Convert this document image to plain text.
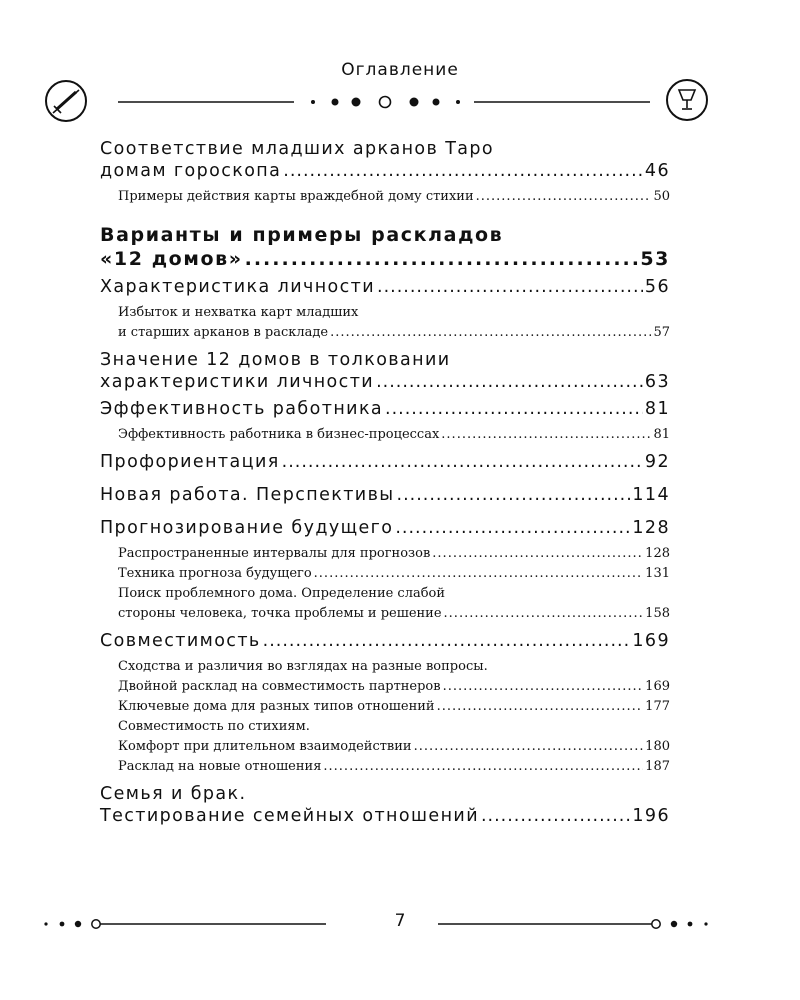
Оглавление
Соответствие младших арканов Таро
домам гороскопа .....	46
Примеры действия карты враждебной дому стихии .....	50
Варианты и примеры раскладов
«12 домов» .....	53
Характеристика личности .....	56
Избыток и нехватка карт младших
и старших арканов в раскладе .....	57
Значение 12 домов в толковании
характеристики личности .....	63
Эффективность работника .....	81
Эффективность работника в бизнес-процессах .....	81
Профориентация .....	92
Новая работа. Перспективы .....	114
Прогнозирование будущего .....	128
Распространенные интервалы для прогнозов .....	128
Техника прогноза будущего .....	131
Поиск проблемного дома. Определение слабой
стороны человека, точка проблемы и решение .....	158
Совместимость .....	169
Сходства и различия во взглядах на разные вопросы.
Двойной расклад на совместимость партнеров .....	169
Ключевые дома для разных типов отношений .....	177
Совместимость по стихиям.
Комфорт при длительном взаимодействии .....	180
Расклад на новые отношения .....	187
Семья и брак.
Тестирование семейных отношений .....	196
7
